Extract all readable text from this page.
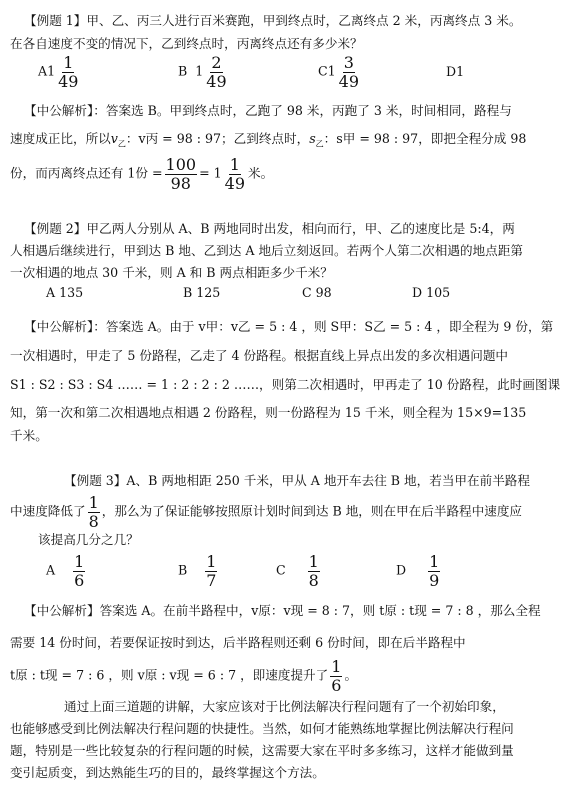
【例题 1】甲、乙、丙三人进行百米赛跑，甲到终点时，乙离终点 2 米，丙离终点 3 米。
在各自速度不变的情况下，乙到终点时，丙离终点还有多少米？
$A1 \frac{1}{49}$	B $1 \frac{2}{49}$	$C1 \frac{3}{49}$	D1
【中公解析】：答案选 B。甲到终点时，乙跑了 98 米，丙跑了 3 米，时间相同，路程与
速度成正比，所以$v_乙$：v丙 = 98 : 97；乙到终点时，$s_乙$：s甲 = 98 : 97，即把全程分成 98
份，而丙离终点还有 1份 = $\frac{100}{98} = 1 \frac{1}{49}$ 米。
【例题 2】甲乙两人分别从 A、B 两地同时出发，相向而行，甲、乙的速度比是 5:4，两
人相遇后继续进行，甲到达 B 地、乙到达 A 地后立刻返回。若两个人第二次相遇的地点距第
一次相遇的地点 30 千米，则 A 和 B 两点相距多少千米？
A 135	B 125	C 98	D 105
【中公解析】：答案选 A。由于 v甲：v乙 = 5 : 4 ，则 S甲：S乙 = 5 : 4 ，即全程为 9 份，第
一次相遇时，甲走了 5 份路程，乙走了 4 份路程。根据直线上异点出发的多次相遇问题中
S1 : S2 : S3 : S4 …… = 1 : 2 : 2 : 2 ……，则第二次相遇时，甲再走了 10 份路程，此时画图课
知，第一次和第二次相遇地点相遇 2 份路程，则一份路程为 15 千米，则全程为 15×9=135
千米。
【例题 3】A、B 两地相距 250 千米，甲从 A 地开车去往 B 地，若当甲在前半路程
中速度降低了 $\frac{1}{8}$ ，那么为了保证能够按照原计划时间到达 B 地，则在甲在后半路程中速度应
该提高几分之几？
A $\frac{1}{6}$	B $\frac{1}{7}$	C $\frac{1}{8}$	D $\frac{1}{9}$
【中公解析】答案选 A。在前半路程中，v原：v现 = 8 : 7，则 t原 : t现 = 7 : 8 ，那么全程
需要 14 份时间，若要保证按时到达，后半路程则还剩 6 份时间，即在后半路程中
t原 : t现 = 7 : 6 ，则 v原 : v现 = 6 : 7 ，即速度提升了 $\frac{1}{6}$ 。
通过上面三道题的讲解，大家应该对于比例法解决行程问题有了一个初始印象，
也能够感受到比例法解决行程问题的快捷性。当然，如何才能熟练地掌握比例法解决行程问
题，特别是一些比较复杂的行程问题的时候，这需要大家在平时多多练习，这样才能做到量
变引起质变，到达熟能生巧的目的，最终掌握这个方法。
